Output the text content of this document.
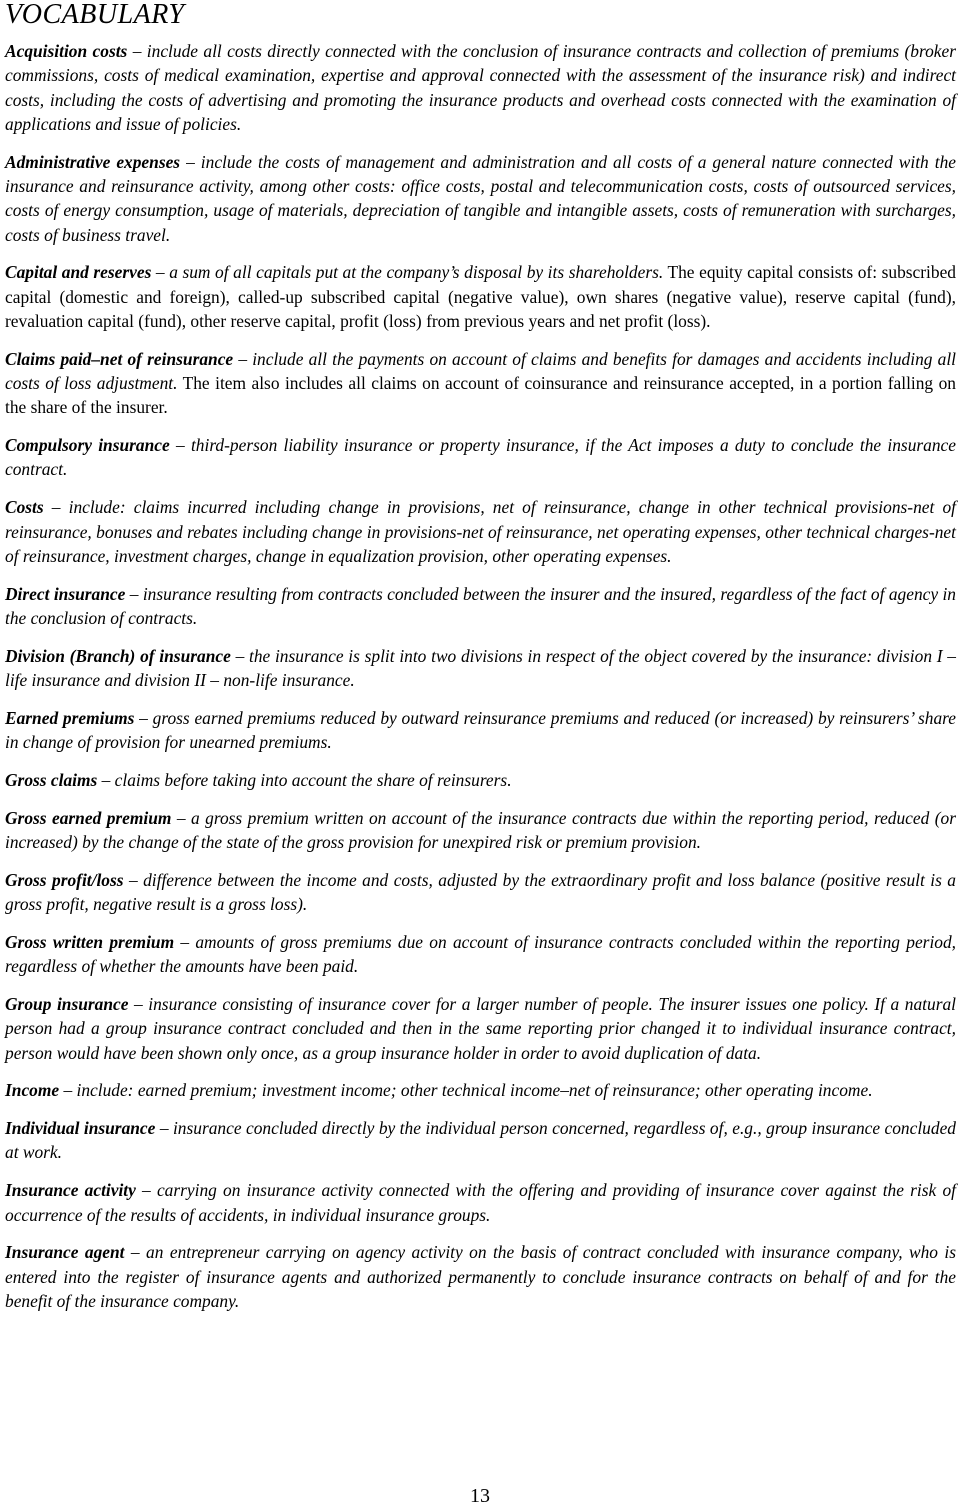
VOCABULARY

Acquisition costs – include all costs directly connected with the conclusion of insurance contracts and collection of premiums (broker commissions, costs of medical examination, expertise and approval connected with the assessment of the insurance risk) and indirect costs, including the costs of advertising and promoting the insurance products and overhead costs connected with the examination of applications and issue of policies.

Administrative expenses – include the costs of management and administration and all costs of a general nature connected with the insurance and reinsurance activity, among other costs: office costs, postal and telecommunication costs, costs of outsourced services, costs of energy consumption, usage of materials, depreciation of tangible and intangible assets, costs of remuneration with surcharges, costs of business travel.

Capital and reserves – a sum of all capitals put at the company’s disposal by its shareholders. The equity capital consists of: subscribed capital (domestic and foreign), called-up subscribed capital (negative value), own shares (negative value), reserve capital (fund), revaluation capital (fund), other reserve capital, profit (loss) from previous years and net profit (loss).

Claims paid–net of reinsurance – include all the payments on account of claims and benefits for damages and accidents including all costs of loss adjustment. The item also includes all claims on account of coinsurance and reinsurance accepted, in a portion falling on the share of the insurer.

Compulsory insurance – third-person liability insurance or property insurance, if the Act imposes a duty to conclude the insurance contract.

Costs – include: claims incurred including change in provisions, net of reinsurance, change in other technical provisions-net of reinsurance, bonuses and rebates including change in provisions-net of reinsurance, net operating expenses, other technical charges-net of reinsurance, investment charges, change in equalization provision, other operating expenses.

Direct insurance – insurance resulting from contracts concluded between the insurer and the insured, regardless of the fact of agency in the conclusion of contracts.

Division (Branch) of insurance – the insurance is split into two divisions in respect of the object covered by the insurance: division I – life insurance and division II – non-life insurance.

Earned premiums – gross earned premiums reduced by outward reinsurance premiums and reduced (or increased) by reinsurers’ share in change of provision for unearned premiums.

Gross claims – claims before taking into account the share of reinsurers.

Gross earned premium – a gross premium written on account of the insurance contracts due within the reporting period, reduced (or increased) by the change of the state of the gross provision for unexpired risk or premium provision.

Gross profit/loss – difference between the income and costs, adjusted by the extraordinary profit and loss balance (positive result is a gross profit, negative result is a gross loss).

Gross written premium – amounts of gross premiums due on account of insurance contracts concluded within the reporting period, regardless of whether the amounts have been paid.

Group insurance – insurance consisting of insurance cover for a larger number of people. The insurer issues one policy. If a natural person had a group insurance contract concluded and then in the same reporting prior changed it to individual insurance contract, person would have been shown only once, as a group insurance holder in order to avoid duplication of data.

Income – include: earned premium; investment income; other technical income–net of reinsurance; other operating income.

Individual insurance – insurance concluded directly by the individual person concerned, regardless of, e.g., group insurance concluded at work.

Insurance activity – carrying on insurance activity connected with the offering and providing of insurance cover against the risk of occurrence of the results of accidents, in individual insurance groups.

Insurance agent – an entrepreneur carrying on agency activity on the basis of contract concluded with insurance company, who is entered into the register of insurance agents and authorized permanently to conclude insurance contracts on behalf of and for the benefit of the insurance company.

13
